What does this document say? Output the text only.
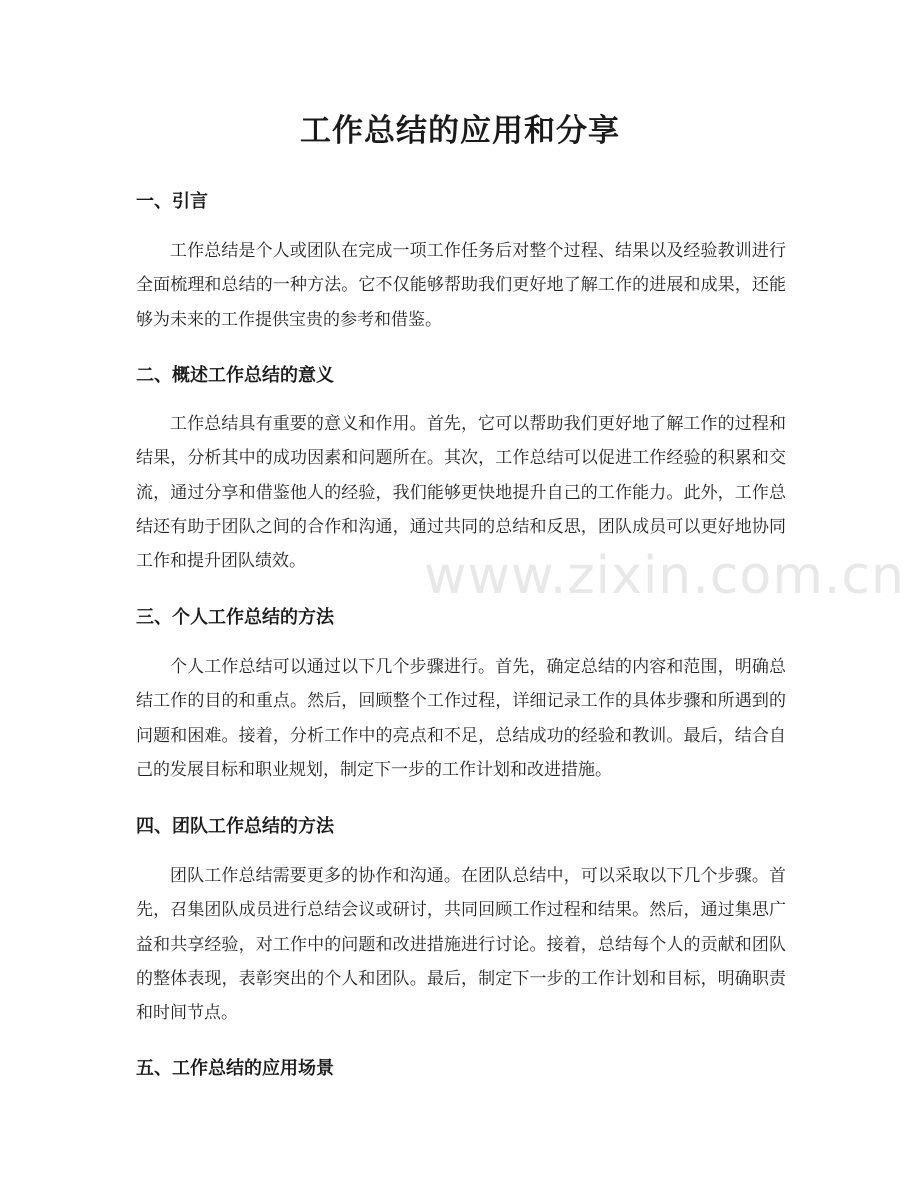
工作总结的应用和分享
一、引言

工作总结是个人或团队在完成一项工作任务后对整个过程、结果以及经验教训进行全面梳理和总结的一种方法。它不仅能够帮助我们更好地了解工作的进展和成果，还能够为未来的工作提供宝贵的参考和借鉴。

二、概述工作总结的意义

工作总结具有重要的意义和作用。首先，它可以帮助我们更好地了解工作的过程和结果，分析其中的成功因素和问题所在。其次，工作总结可以促进工作经验的积累和交流，通过分享和借鉴他人的经验，我们能够更快地提升自己的工作能力。此外，工作总结还有助于团队之间的合作和沟通，通过共同的总结和反思，团队成员可以更好地协同工作和提升团队绩效。

三、个人工作总结的方法

个人工作总结可以通过以下几个步骤进行。首先，确定总结的内容和范围，明确总结工作的目的和重点。然后，回顾整个工作过程，详细记录工作的具体步骤和所遇到的问题和困难。接着，分析工作中的亮点和不足，总结成功的经验和教训。最后，结合自己的发展目标和职业规划，制定下一步的工作计划和改进措施。

四、团队工作总结的方法

团队工作总结需要更多的协作和沟通。在团队总结中，可以采取以下几个步骤。首先，召集团队成员进行总结会议或研讨，共同回顾工作过程和结果。然后，通过集思广益和共享经验，对工作中的问题和改进措施进行讨论。接着，总结每个人的贡献和团队的整体表现，表彰突出的个人和团队。最后，制定下一步的工作计划和目标，明确职责和时间节点。

五、工作总结的应用场景
www.zixin.com.cn
